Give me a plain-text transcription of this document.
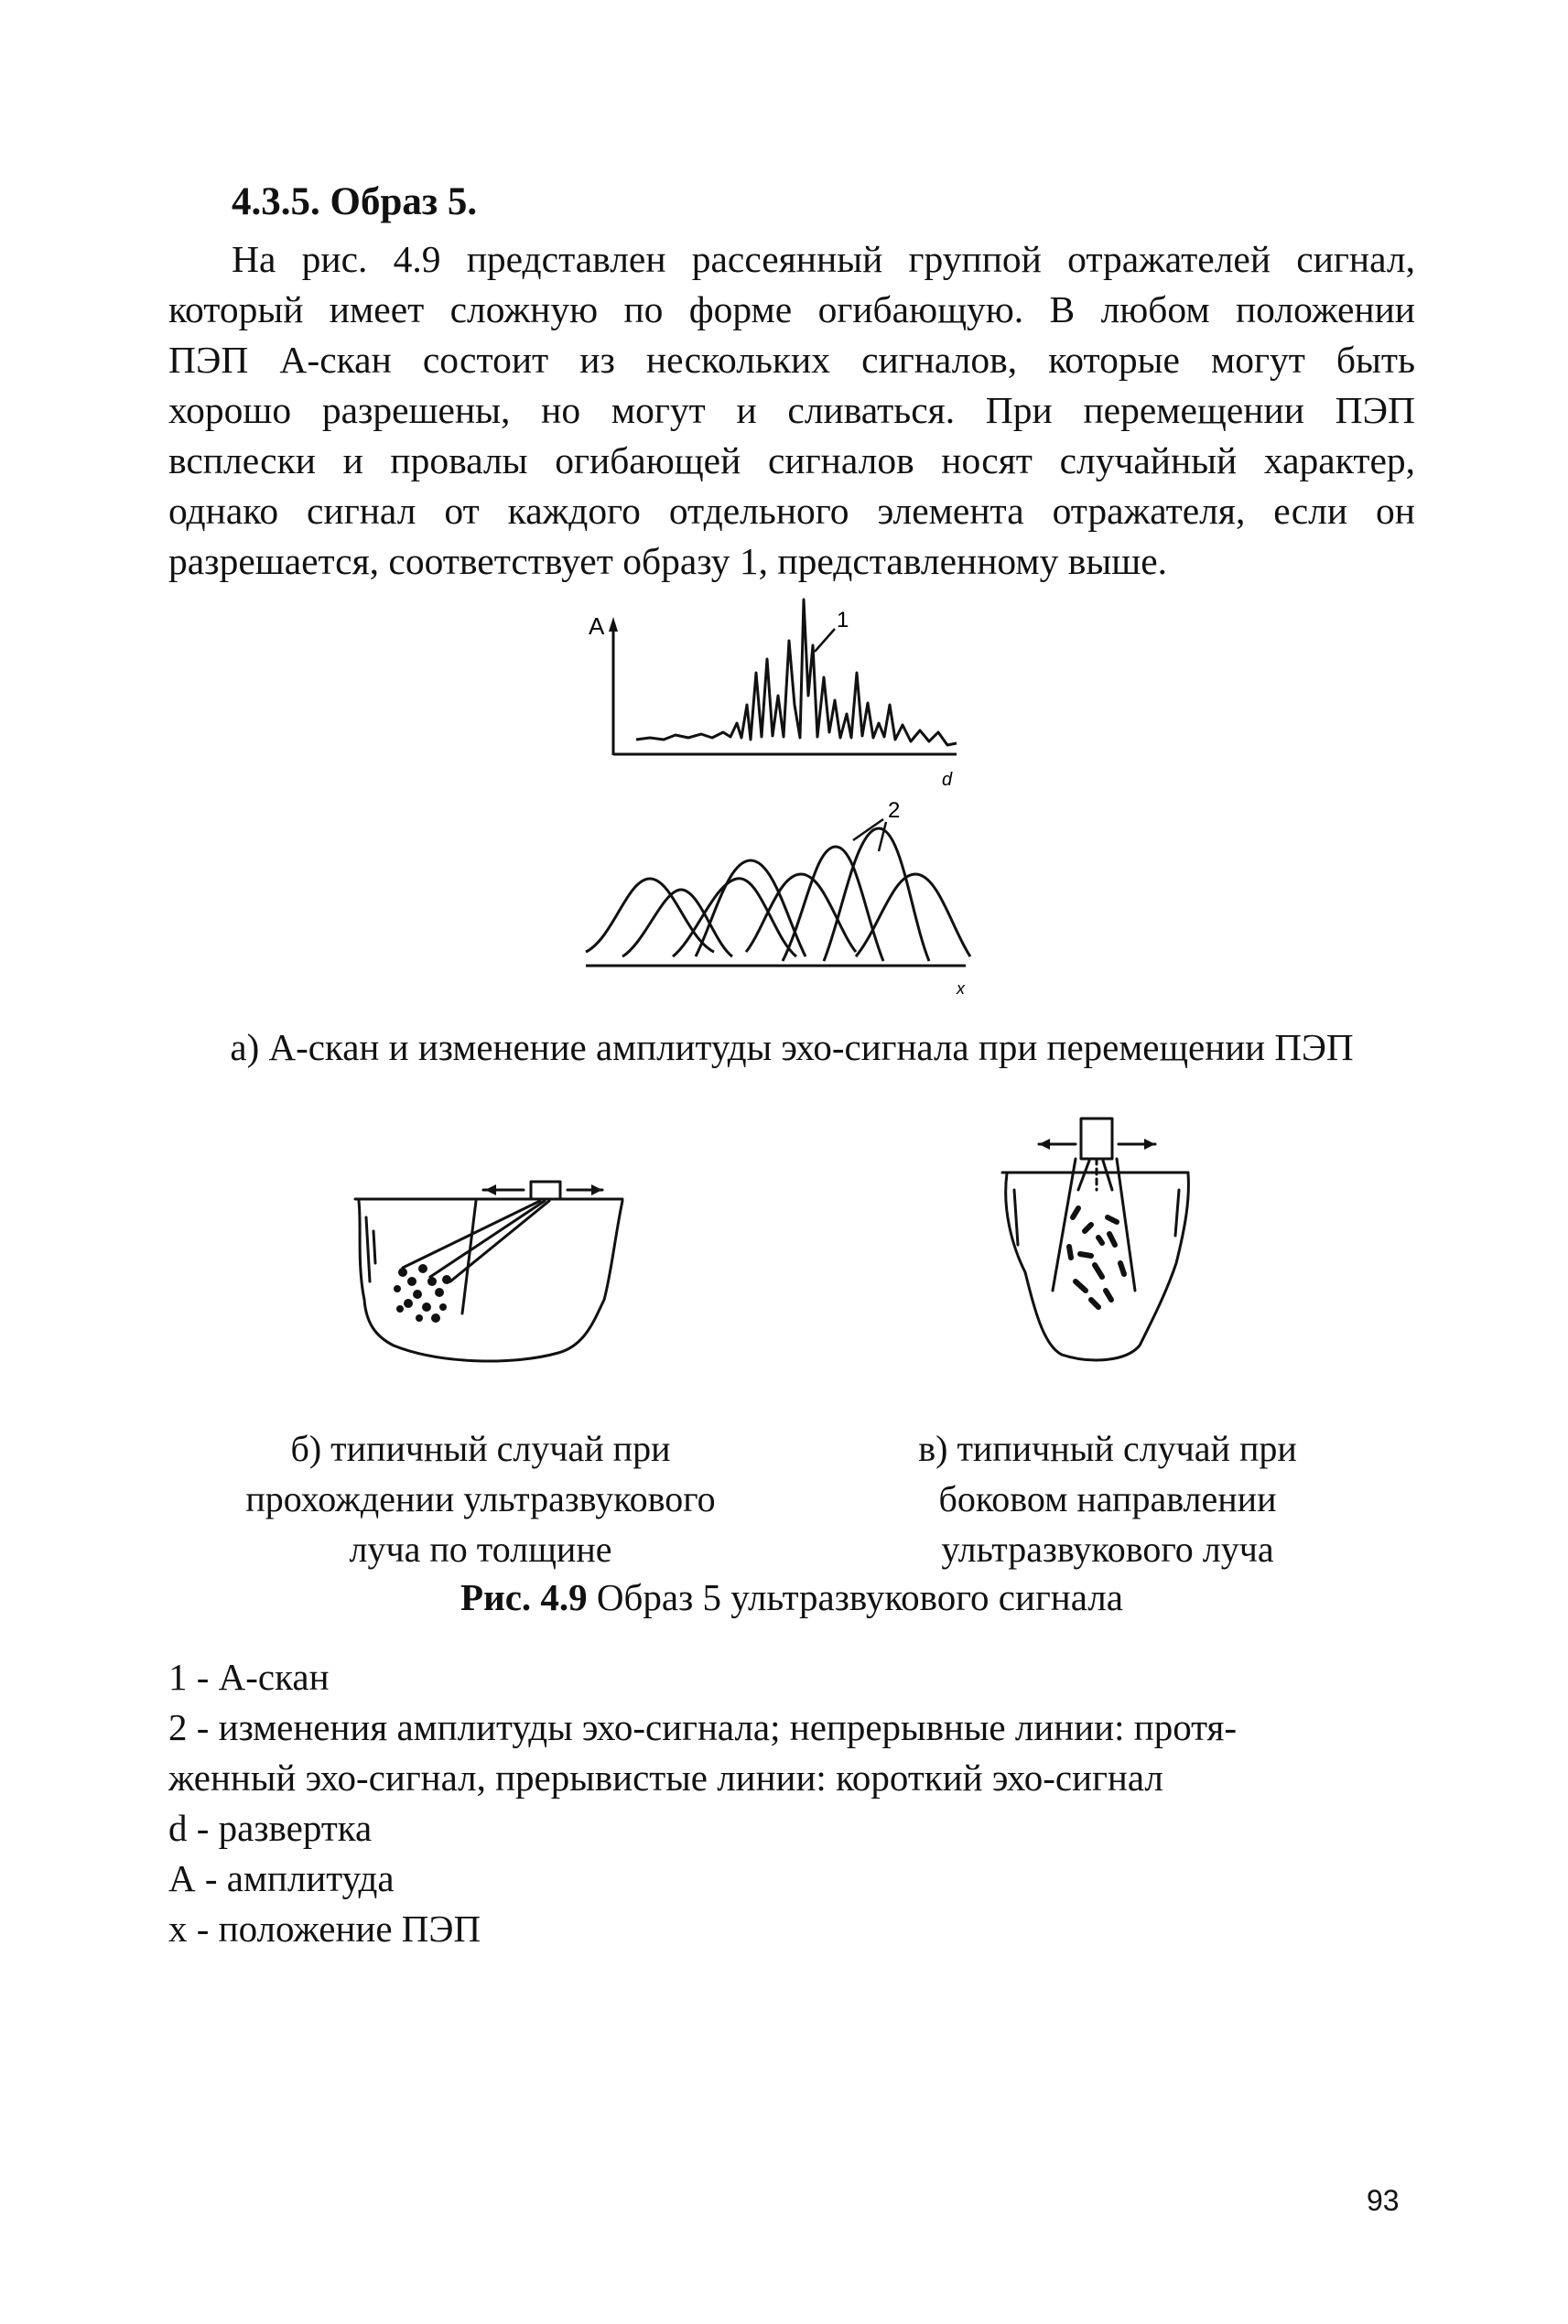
4.3.5. Образ 5.
На рис. 4.9 представлен рассеянный группой отражателей сигнал,
который имеет сложную по форме огибающую. В любом положении
ПЭП А-скан состоит из нескольких сигналов, которые могут быть
хорошо разрешены, но могут и сливаться. При перемещении ПЭП
всплески и провалы огибающей сигналов носят случайный характер,
однако сигнал от каждого отдельного элемента отражателя, если он
разрешается, соответствует образу 1, представленному выше.
A
d
1
x
2
а) А-скан и изменение амплитуды эхо-сигнала при перемещении ПЭП
б) типичный случай при
прохождении ультразвукового
луча по толщине
в) типичный случай при
боковом направлении
ультразвукового луча
Рис. 4.9 Образ 5 ультразвукового сигнала
1 - А-скан
2 - изменения амплитуды эхо-сигнала; непрерывные линии: протя-
женный эхо-сигнал, прерывистые линии: короткий эхо-сигнал
d - развертка
А - амплитуда
x - положение ПЭП
93
